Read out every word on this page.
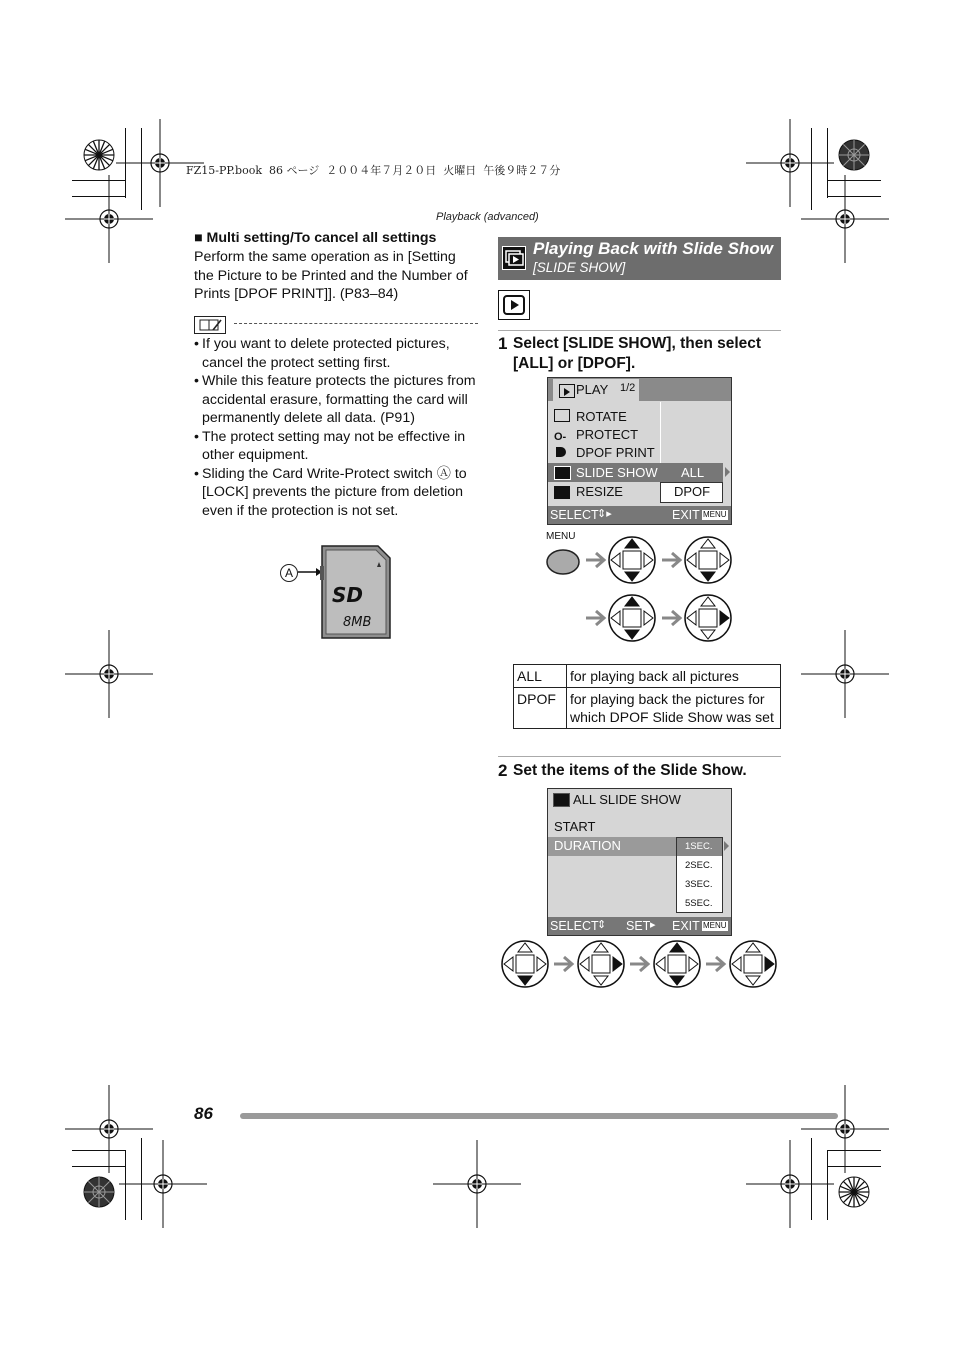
FZ15-PP.book  86 ページ  ２００４年７月２０日  火曜日  午後９時２７分
Playback (advanced)
■ Multi setting/To cancel all settings
Perform the same operation as in [Setting the Picture to be Printed and the Number of Prints [DPOF PRINT]]. (P83–84)
• If you want to delete protected pictures, cancel the protect setting first.
• While this feature protects the pictures from accidental erasure, formatting the card will permanently delete all data. (P91)
• The protect setting may not be effective in other equipment.
• Sliding the Card Write-Protect switch Ⓐ to [LOCK] prevents the picture from deletion even if the protection is not set.
A
SD
8MB
Playing Back with Slide Show
[SLIDE SHOW]
1 Select [SLIDE SHOW], then select [ALL] or [DPOF].
PLAY 1/2
ROTATE
O‑ PROTECT
DPOF PRINT
SLIDE SHOW ALL
RESIZE	DPOF
SELECT
⇕▸	EXIT MENU
MENU
ALL	for playing back all pictures
DPOF	for playing back the pictures for which DPOF Slide Show was set
2 Set the items of the Slide Show.
ALL SLIDE SHOW
START
DURATION	1SEC.
2SEC.
3SEC.
5SEC.
SELECT
⇕ SET ▸ EXIT MENU
86
